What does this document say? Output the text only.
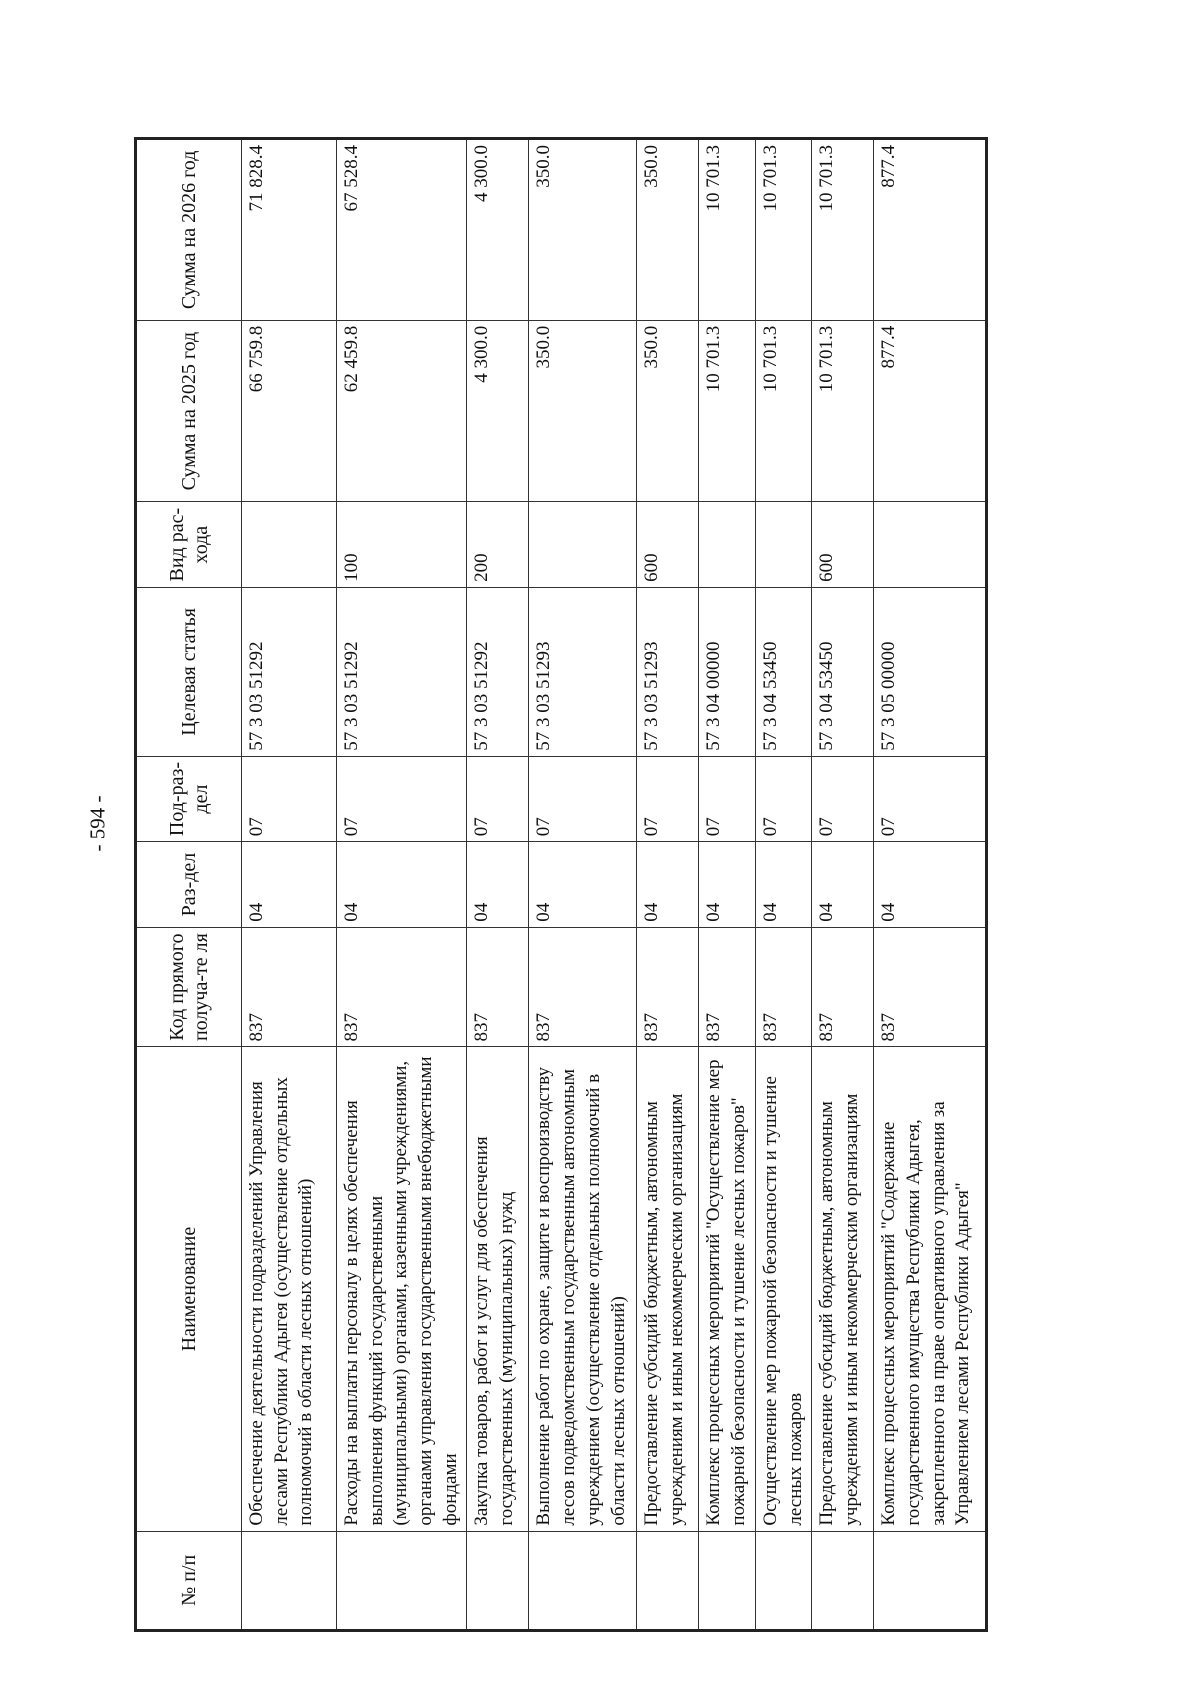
- 594 -
№ п/п	Наименование	Код прямого получа-те ля	Раз-дел	Под-раз-дел	Целевая статья	Вид рас-хода	Сумма на 2025 год	Сумма на 2026 год
	Обеспечение деятельности подразделений Управления лесами Республики Адыгея (осуществление отдельных полномочий в области лесных отношений)	837	04	07	57 3 03 51292		66 759.8	71 828.4
	Расходы на выплаты персоналу в целях обеспечения выполнения функций государственными (муниципальными) органами, казенными учреждениями, органами управления государственными внебюджетными фондами	837	04	07	57 3 03 51292	100	62 459.8	67 528.4
	Закупка товаров, работ и услуг для обеспечения государственных (муниципальных) нужд	837	04	07	57 3 03 51292	200	4 300.0	4 300.0
	Выполнение работ по охране, защите и воспроизводству лесов подведомственным государственным автономным учреждением (осуществление отдельных полномочий в области лесных отношений)	837	04	07	57 3 03 51293		350.0	350.0
	Предоставление субсидий бюджетным, автономным учреждениям и иным некоммерческим организациям	837	04	07	57 3 03 51293	600	350.0	350.0
	Комплекс процессных мероприятий "Осуществление мер пожарной безопасности и тушение лесных пожаров"	837	04	07	57 3 04 00000		10 701.3	10 701.3
	Осуществление мер пожарной безопасности и тушение лесных пожаров	837	04	07	57 3 04 53450		10 701.3	10 701.3
	Предоставление субсидий бюджетным, автономным учреждениям и иным некоммерческим организациям	837	04	07	57 3 04 53450	600	10 701.3	10 701.3
	Комплекс процессных мероприятий "Содержание государственного имущества Республики Адыгея, закрепленного на праве оперативного управления за Управлением лесами Республики Адыгея"	837	04	07	57 3 05 00000		877.4	877.4
